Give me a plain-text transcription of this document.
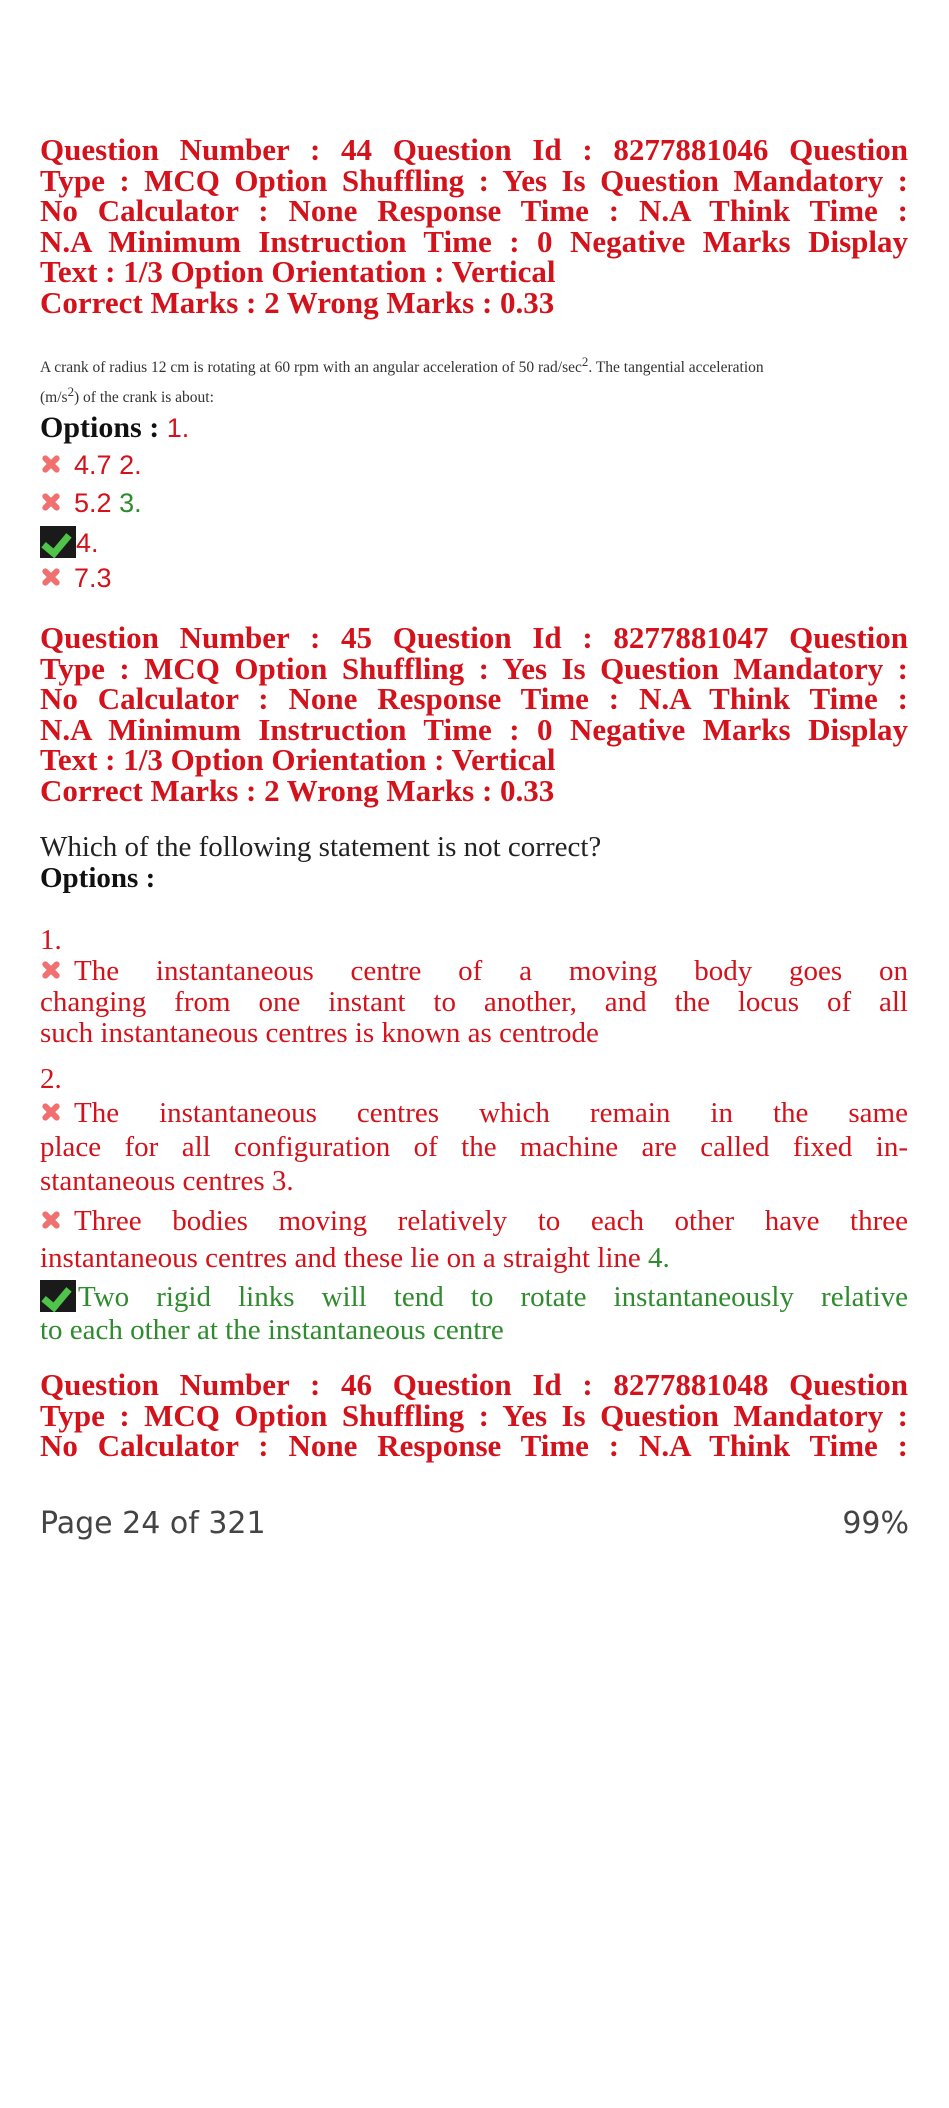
Question Number : 44 Question Id : 8277881046 Question
Type : MCQ Option Shuffling : Yes Is Question Mandatory :
No Calculator : None Response Time : N.A Think Time :
N.A Minimum Instruction Time : 0 Negative Marks Display
Text : 1/3 Option Orientation : Vertical
Correct Marks : 2 Wrong Marks : 0.33
A crank of radius 12 cm is rotating at 60 rpm with an angular acceleration of 50 rad/$\sec^2$. The tangential acceleration
$(m/s^2)$ of the crank is about:
Options : 1.
4.7 2.
5.2 3.
4.
7.3
Question Number : 45 Question Id : 8277881047 Question
Type : MCQ Option Shuffling : Yes Is Question Mandatory :
No Calculator : None Response Time : N.A Think Time :
N.A Minimum Instruction Time : 0 Negative Marks Display
Text : 1/3 Option Orientation : Vertical
Correct Marks : 2 Wrong Marks : 0.33
Which of the following statement is not correct?
Options :
1.
The instantaneous centre of a moving body goes on
changing from one instant to another, and the locus of all
such instantaneous centres is known as centrode
2.
The instantaneous centres which remain in the same
place for all configuration of the machine are called fixed in-
stantaneous centres 3.
Three bodies moving relatively to each other have three
instantaneous centres and these lie on a straight line 4.
Two rigid links will tend to rotate instantaneously relative
to each other at the instantaneous centre
Question Number : 46 Question Id : 8277881048 Question
Type : MCQ Option Shuffling : Yes Is Question Mandatory :
No Calculator : None Response Time : N.A Think Time :
Page 24 of 321	99%
